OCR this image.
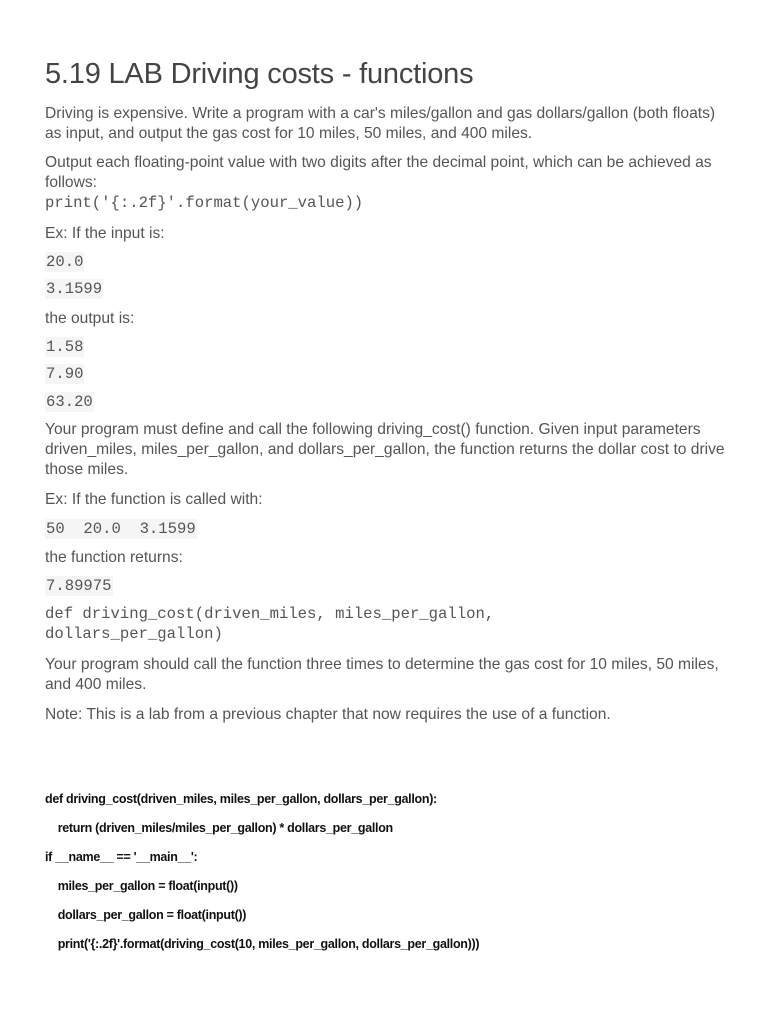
5.19 LAB Driving costs - functions

Driving is expensive. Write a program with a car's miles/gallon and gas dollars/gallon (both floats) as input, and output the gas cost for 10 miles, 50 miles, and 400 miles.

Output each floating-point value with two digits after the decimal point, which can be achieved as follows:

print('{:.2f}'.format(your_value))

Ex: If the input is:

20.0

3.1599

the output is:

1.58

7.90

63.20

Your program must define and call the following driving_cost() function. Given input parameters driven_miles, miles_per_gallon, and dollars_per_gallon, the function returns the dollar cost to drive those miles.

Ex: If the function is called with:

50  20.0  3.1599

the function returns:

7.89975

def driving_cost(driven_miles, miles_per_gallon,

dollars_per_gallon)

Your program should call the function three times to determine the gas cost for 10 miles, 50 miles, and 400 miles.

Note: This is a lab from a previous chapter that now requires the use of a function.

def driving_cost(driven_miles, miles_per_gallon, dollars_per_gallon):

return (driven_miles/miles_per_gallon) * dollars_per_gallon

if __name__ == '__main__':

miles_per_gallon = float(input())

dollars_per_gallon = float(input())

print('{:.2f}'.format(driving_cost(10, miles_per_gallon, dollars_per_gallon)))
